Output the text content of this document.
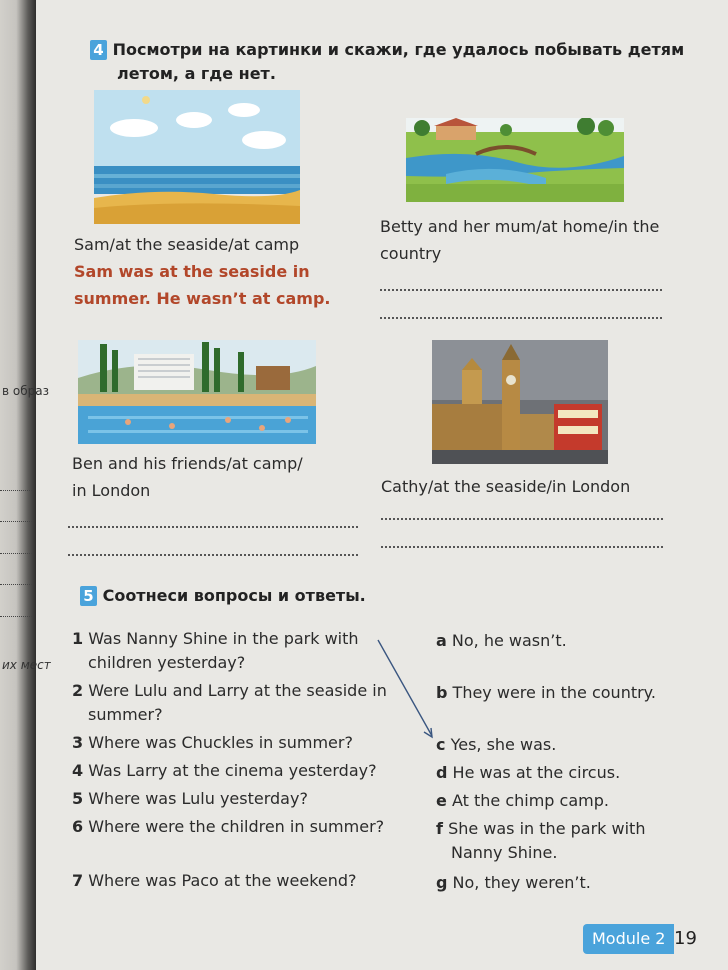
в образ
их мест
4 Посмотри на картинки и скажи, где удалось побывать детям
летом, а где нет.
Sam/at the seaside/at camp
Sam was at the seaside in
summer. He wasn’t at camp.
Betty and her mum/at home/in the
country
Ben and his friends/at camp/
in London	Cathy/at the seaside/in London
5 Соотнеси вопросы и ответы.
1 Was Nanny Shine in the park with
children yesterday?
2 Were Lulu and Larry at the seaside in
summer?
3 Where was Chuckles in summer?
4 Was Larry at the cinema yesterday?
5 Where was Lulu yesterday?
6 Where were the children in summer?
7 Where was Paco at the weekend?
a No, he wasn’t.
b They were in the country.
c Yes, she was.
d He was at the circus.
e At the chimp camp.
f She was in the park with
Nanny Shine.
g No, they weren’t.
Module 2 19
